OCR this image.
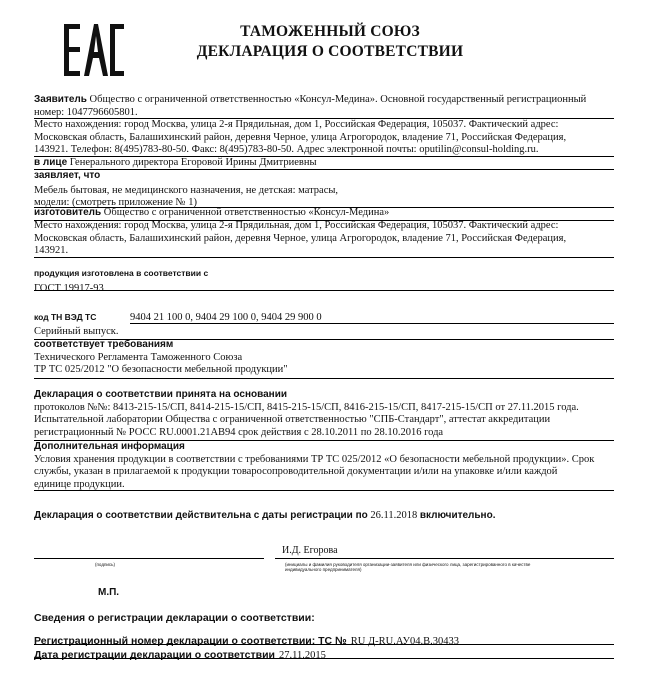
EAC
ТАМОЖЕННЫЙ СОЮЗ
ДЕКЛАРАЦИЯ О СООТВЕТСТВИИ
Заявитель Общество с ограниченной ответственностью «Консул-Медина». Основной государственный регистрационный
номер: 1047796605801.
Место нахождения: город Москва, улица 2-я Прядильная, дом 1, Российская Федерация, 105037. Фактический адрес:
Московская область, Балашихинский район, деревня Черное, улица Агрогородок, владение 71, Российская Федерация,
143921. Телефон: 8(495)783-80-50. Факс: 8(495)783-80-50. Адрес электронной почты: oputilin@consul-holding.ru.
в лице Генерального директора Егоровой Ирины Дмитриевны
заявляет, что
Мебель бытовая, не медицинского назначения, не детская: матрасы,
модели: (смотреть приложение № 1)
изготовитель Общество с ограниченной ответственностью «Консул-Медина»
Место нахождения: город Москва, улица 2-я Прядильная, дом 1, Российская Федерация, 105037. Фактический адрес:
Московская область, Балашихинский район, деревня Черное, улица Агрогородок, владение 71, Российская Федерация,
143921.
продукция изготовлена в соответствии с
ГОСТ 19917-93
код ТН ВЭД ТС	9404 21 100 0, 9404 29 100 0, 9404 29 900 0
Серийный выпуск.
соответствует требованиям
Технического Регламента Таможенного Союза
ТР ТС 025/2012 "О безопасности мебельной продукции"
Декларация о соответствии принята на основании
протоколов №№: 8413-215-15/СП, 8414-215-15/СП, 8415-215-15/СП, 8416-215-15/СП, 8417-215-15/СП от 27.11.2015 года.
Испытательной лаборатории Общества с ограниченной ответственностью "СПБ-Стандарт", аттестат аккредитации
регистрационный № РОСС RU.0001.21АВ94 срок действия с 28.10.2011 по 28.10.2016 года
Дополнительная информация
Условия хранения продукции в соответствии с требованиями ТР ТС 025/2012 «О безопасности мебельной продукции». Срок
службы, указан в прилагаемой к продукции товаросопроводительной документации и/или на упаковке и/или каждой
единице продукции.
Декларация о соответствии действительна с даты регистрации по 26.11.2018 включительно.
И.Д. Егорова
(подпись)	(инициалы и фамилия руководителя организации-заявителя или физического лица, зарегистрированного в качестве
индивидуального предпринимателя)
М.П.
Сведения о регистрации декларации о соответствии:
Регистрационный номер декларации о соответствии: ТС № RU Д-RU.АУ04.В.30433
Дата регистрации декларации о соответствии 27.11.2015
